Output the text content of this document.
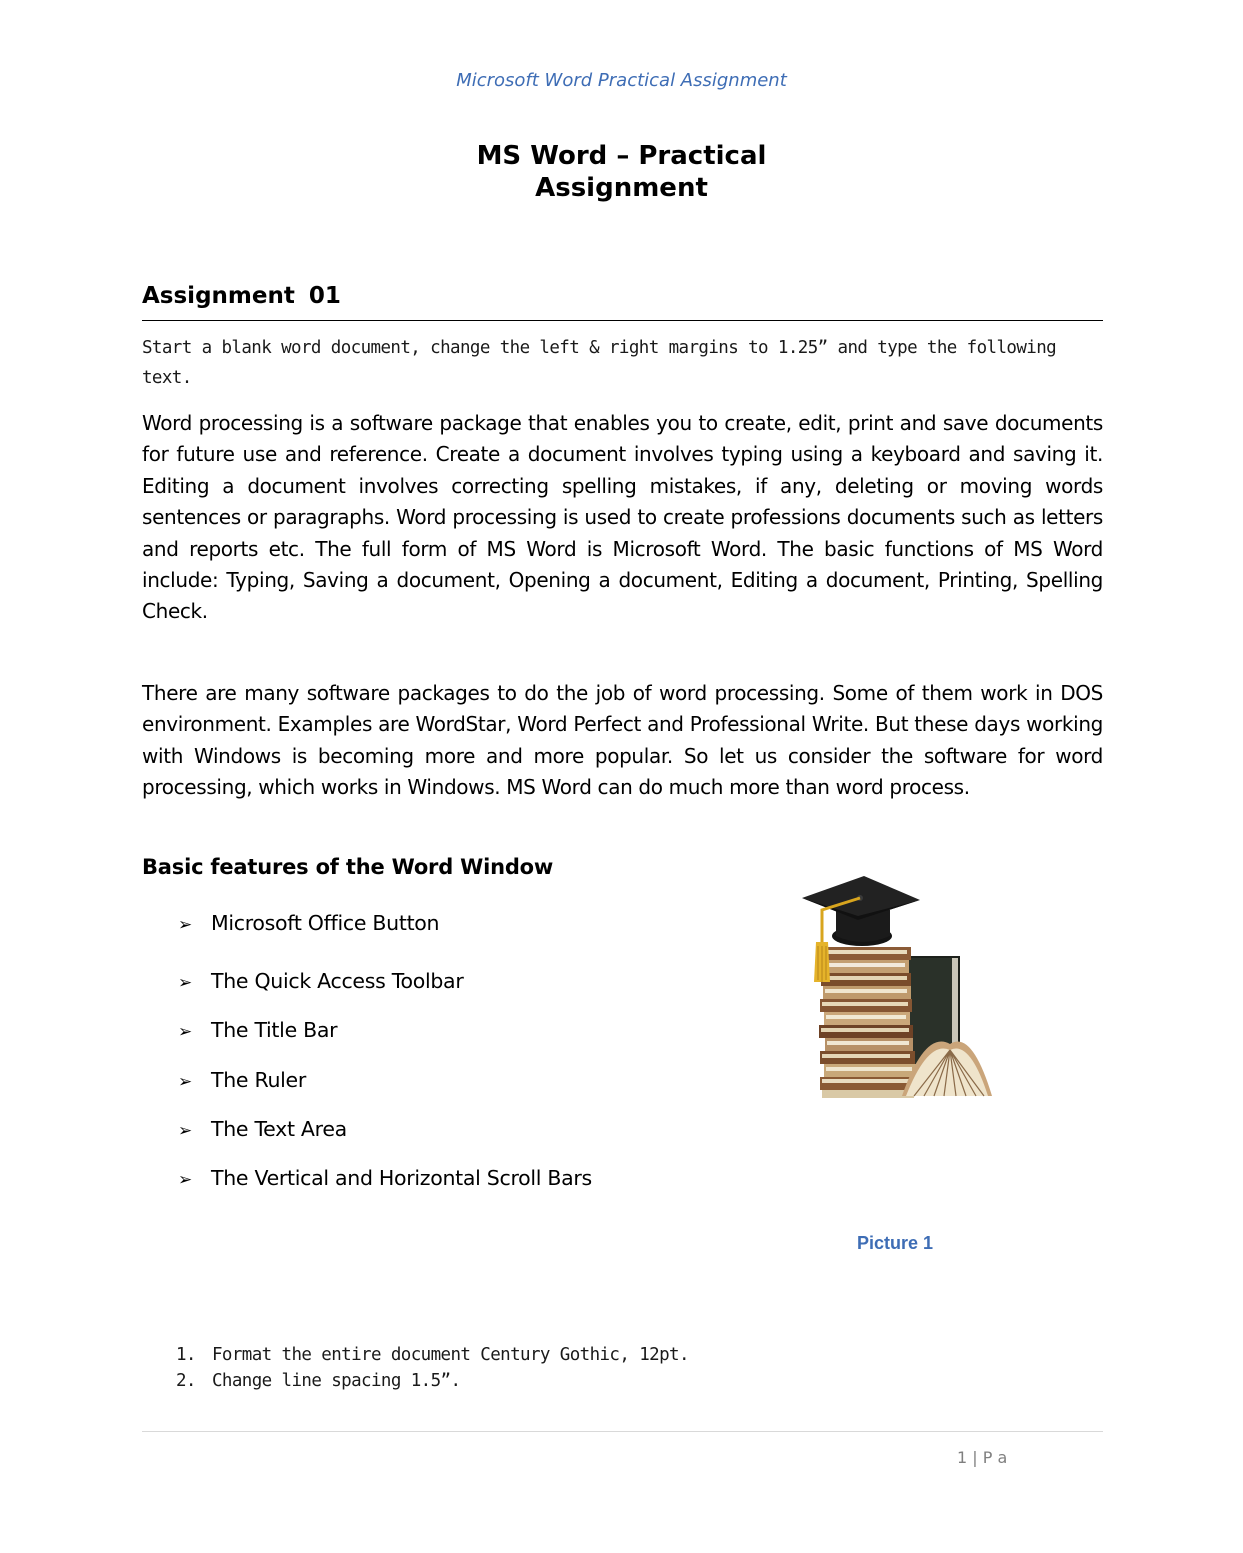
Microsoft Word Practical Assignment
MS Word – Practical
Assignment
Assignment 01
Start a blank word document, change the left & right margins to 1.25” and type the following text.
Word processing is a software package that enables you to create, edit, print and save documents for future use and reference. Create a document involves typing using a keyboard and saving it. Editing a document involves correcting spelling mistakes, if any, deleting or moving words sentences or paragraphs. Word processing is used to create professions documents such as letters and reports etc. The full form of MS Word is Microsoft Word. The basic functions of MS Word include: Typing, Saving a document, Opening a document, Editing a document, Printing, Spelling Check.
There are many software packages to do the job of word processing. Some of them work in DOS environment. Examples are WordStar, Word Perfect and Professional Write. But these days working with Windows is becoming more and more popular. So let us consider the software for word processing, which works in Windows. MS Word can do much more than word process.
Basic features of the Word Window
➢ Microsoft Office Button
➢ The Quick Access Toolbar
➢ The Title Bar
➢ The Ruler
➢ The Text Area
➢ The Vertical and Horizontal Scroll Bars
Picture 1
1. Format the entire document Century Gothic, 12pt.
2. Change line spacing 1.5”.
1 | P a
